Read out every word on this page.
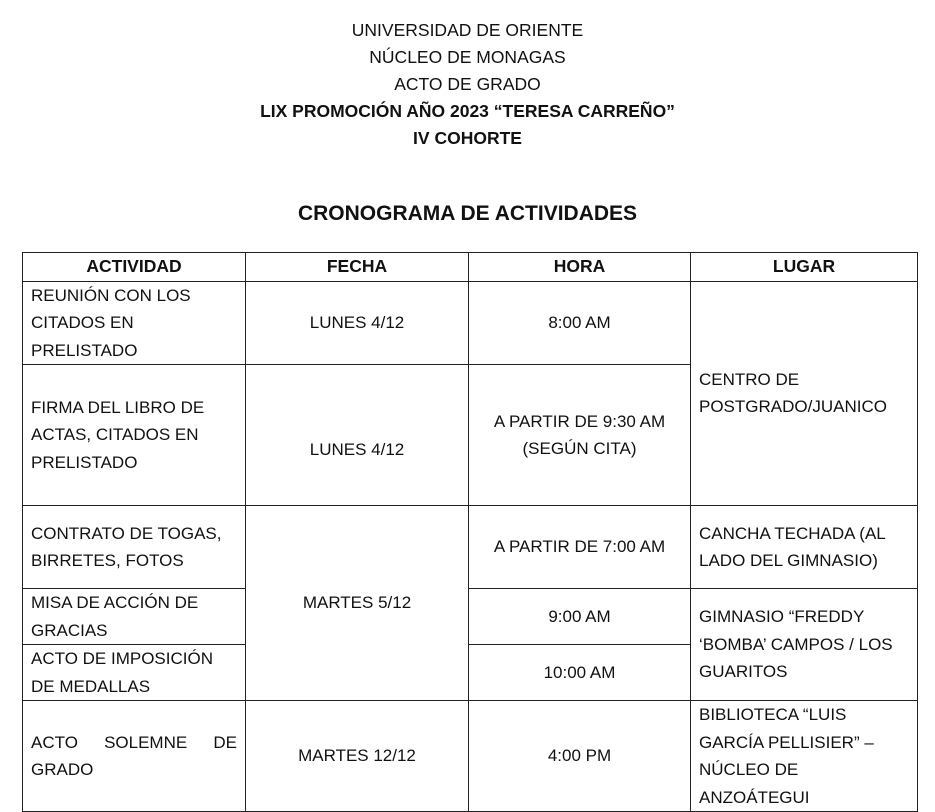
UNIVERSIDAD DE ORIENTE
NÚCLEO DE MONAGAS
ACTO DE GRADO
LIX PROMOCIÓN AÑO 2023 “TERESA CARREÑO”
IV COHORTE
CRONOGRAMA DE ACTIVIDADES
ACTIVIDAD	FECHA	HORA	LUGAR
REUNIÓN CON LOS CITADOS EN PRELISTADO	LUNES 4/12	8:00 AM	CENTRO DE POSTGRADO/JUANICO
FIRMA DEL LIBRO DE ACTAS, CITADOS EN PRELISTADO	LUNES 4/12	A PARTIR DE 9:30 AM (SEGÚN CITA)	
CONTRATO DE TOGAS, BIRRETES, FOTOS	MARTES 5/12	A PARTIR DE 7:00 AM	CANCHA TECHADA (AL LADO DEL GIMNASIO)
MISA DE ACCIÓN DE GRACIAS		9:00 AM	GIMNASIO “FREDDY ‘BOMBA’ CAMPOS / LOS GUARITOS
ACTO DE IMPOSICIÓN DE MEDALLAS		10:00 AM	

ACTO SOLEMNE DE
GRADO	MARTES 12/12	4:00 PM	BIBLIOTECA “LUIS GARCÍA PELLISIER” – NÚCLEO DE ANZOÁTEGUI
